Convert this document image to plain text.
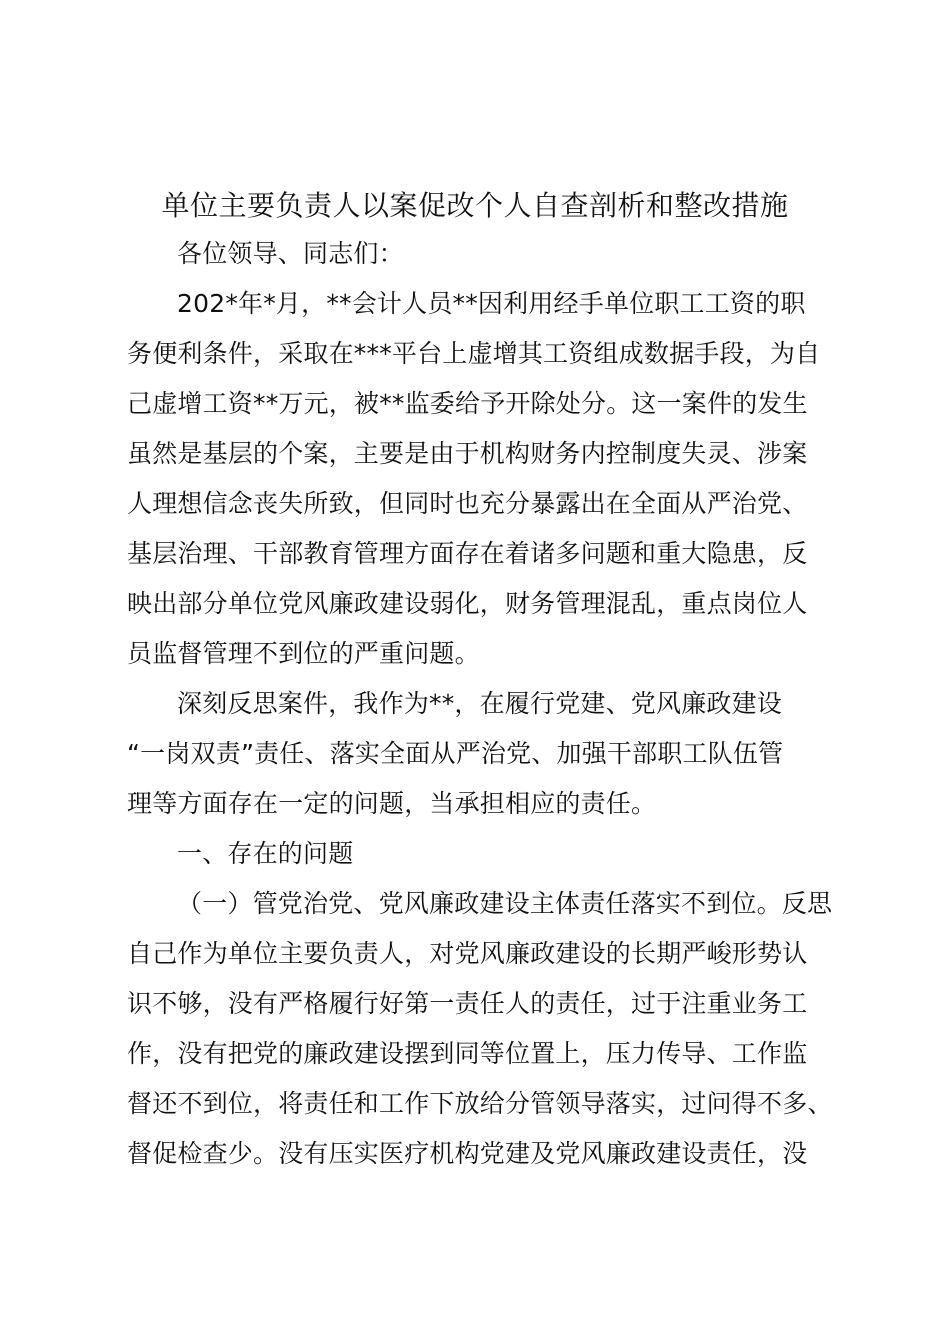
单位主要负责人以案促改个人自查剖析和整改措施
各位领导、同志们：
202*年*月，**会计人员**因利用经手单位职工工资的职
务便利条件，采取在***平台上虚增其工资组成数据手段，为自
己虚增工资**万元，被**监委给予开除处分。这一案件的发生
虽然是基层的个案，主要是由于机构财务内控制度失灵、涉案
人理想信念丧失所致，但同时也充分暴露出在全面从严治党、
基层治理、干部教育管理方面存在着诸多问题和重大隐患，反
映出部分单位党风廉政建设弱化，财务管理混乱，重点岗位人
员监督管理不到位的严重问题。
深刻反思案件，我作为**，在履行党建、党风廉政建设
“一岗双责”责任、落实全面从严治党、加强干部职工队伍管
理等方面存在一定的问题，当承担相应的责任。
一、存在的问题
（一）管党治党、党风廉政建设主体责任落实不到位。反思
自己作为单位主要负责人，对党风廉政建设的长期严峻形势认
识不够，没有严格履行好第一责任人的责任，过于注重业务工
作，没有把党的廉政建设摆到同等位置上，压力传导、工作监
督还不到位，将责任和工作下放给分管领导落实，过问得不多、
督促检查少。没有压实医疗机构党建及党风廉政建设责任，没
